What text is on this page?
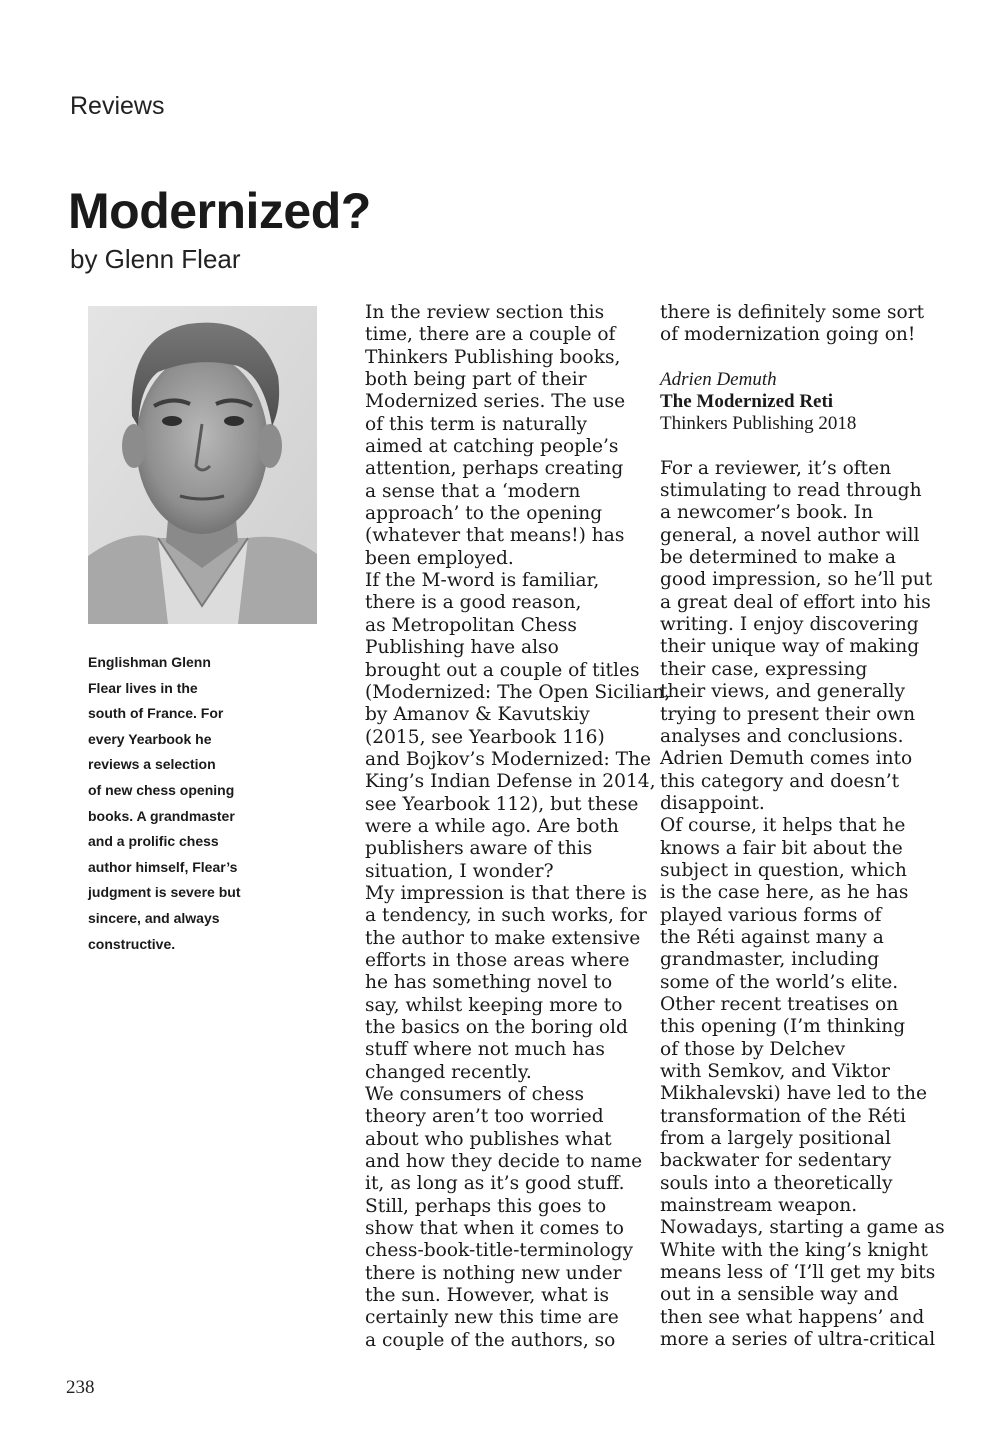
Reviews
Modernized?
by Glenn Flear
Englishman Glenn
Flear lives in the
south of France. For
every Yearbook he
reviews a selection
of new chess opening
books. A grandmaster
and a prolific chess
author himself, Flear’s
judgment is severe but
sincere, and always
constructive.

In the review section this
time, there are a couple of
Thinkers Publishing books,
both being part of their
Modernized series. The use
of this term is naturally
aimed at catching people’s
attention, perhaps creating
a sense that a ‘modern
approach’ to the opening
(whatever that means!) has
been employed.

If the M-word is familiar,
there is a good reason,
as Metropolitan Chess
Publishing have also
brought out a couple of titles
(Modernized: The Open Sicilian,
by Amanov & Kavutskiy
(2015, see Yearbook 116)
and Bojkov’s Modernized: The
King’s Indian Defense in 2014,
see Yearbook 112), but these
were a while ago. Are both
publishers aware of this
situation, I wonder?

My impression is that there is
a tendency, in such works, for
the author to make extensive
efforts in those areas where
he has something novel to
say, whilst keeping more to
the basics on the boring old
stuff where not much has
changed recently.

We consumers of chess
theory aren’t too worried
about who publishes what
and how they decide to name
it, as long as it’s good stuff.
Still, perhaps this goes to
show that when it comes to
chess-book-title-terminology
there is nothing new under
the sun. However, what is
certainly new this time are
a couple of the authors, so

there is definitely some sort
of modernization going on!

Adrien Demuth

The Modernized Reti

Thinkers Publishing 2018

For a reviewer, it’s often
stimulating to read through
a newcomer’s book. In
general, a novel author will
be determined to make a
good impression, so he’ll put
a great deal of effort into his
writing. I enjoy discovering
their unique way of making
their case, expressing
their views, and generally
trying to present their own
analyses and conclusions.
Adrien Demuth comes into
this category and doesn’t
disappoint.

Of course, it helps that he
knows a fair bit about the
subject in question, which
is the case here, as he has
played various forms of
the Réti against many a
grandmaster, including
some of the world’s elite.
Other recent treatises on
this opening (I’m thinking
of those by Delchev
with Semkov, and Viktor
Mikhalevski) have led to the
transformation of the Réti
from a largely positional
backwater for sedentary
souls into a theoretically
mainstream weapon.
Nowadays, starting a game as
White with the king’s knight
means less of ‘I’ll get my bits
out in a sensible way and
then see what happens’ and
more a series of ultra-critical

238
